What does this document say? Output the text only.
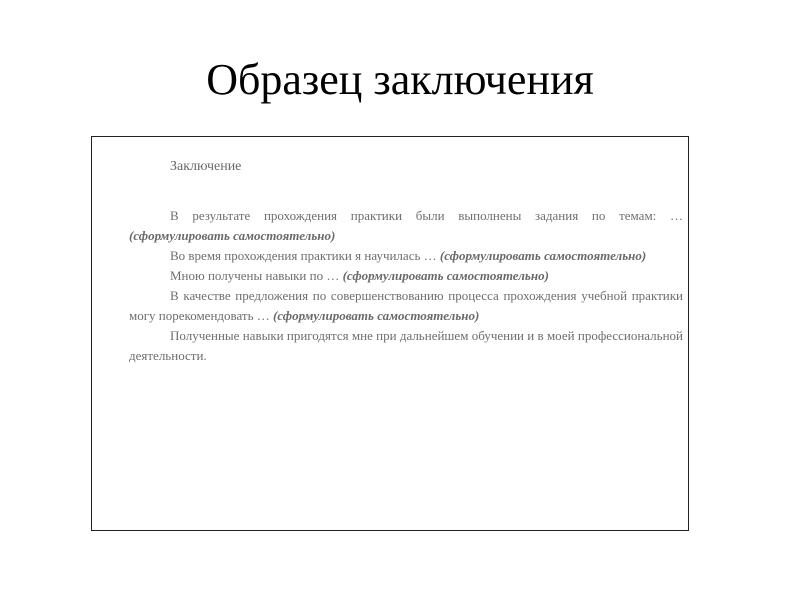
Образец заключения
Заключение

В результате прохождения практики были выполнены задания по темам: … (сформулировать самостоятельно)

Во время прохождения практики я научилась … (сформулировать самостоятельно)

Мною получены навыки по … (сформулировать самостоятельно)

В качестве предложения по совершенствованию процесса прохождения учебной практики могу порекомендовать … (сформулировать самостоятельно)

Полученные навыки пригодятся мне при дальнейшем обучении и в моей профессиональной деятельности.
